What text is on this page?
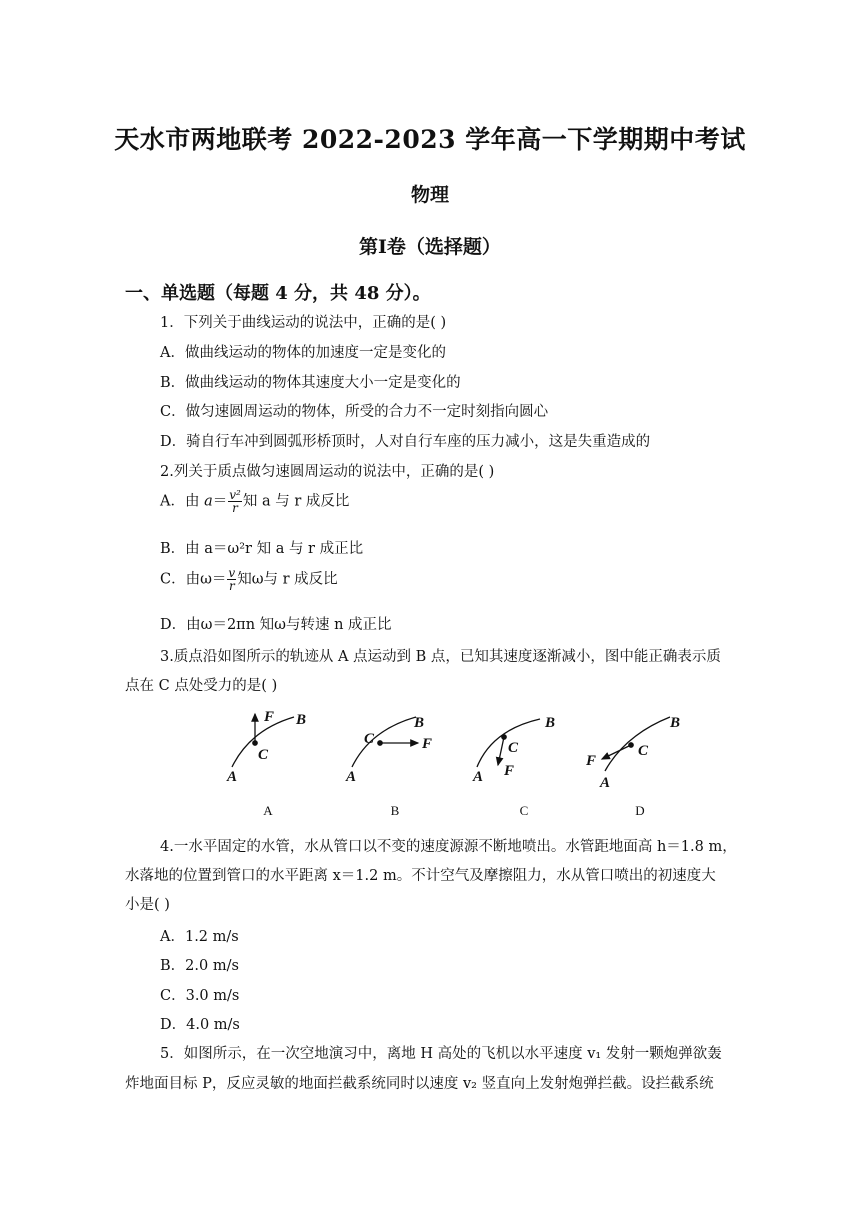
天水市两地联考 2022-2023 学年高一下学期期中考试
物理
第Ⅰ卷（选择题）
一、单选题（每题 4 分，共 48 分）。
1．下列关于曲线运动的说法中，正确的是( )
A．做曲线运动的物体的加速度一定是变化的
B．做曲线运动的物体其速度大小一定是变化的
C．做匀速圆周运动的物体，所受的合力不一定时刻指向圆心
D．骑自行车冲到圆弧形桥顶时，人对自行车座的压力减小，这是失重造成的
2.列关于质点做匀速圆周运动的说法中，正确的是( )
A．由 $a= \frac{\text{v²}}{r}$ 知 a 与 r 成反比
B．由 a＝ω²r 知 a 与 r 成正比
C．由$\omega= \frac{v}{r}$ 知ω与 r 成反比
D．由ω＝2πn 知ω与转速 n 成正比
3.质点沿如图所示的轨迹从 A 点运动到 B 点，已知其速度逐渐减小，图中能正确表示质
点在 C 点处受力的是( )
F B
C
A
C
B
F
A
B
C
F
A
B
C
F
A
A	B	C	D
4.一水平固定的水管，水从管口以不变的速度源源不断地喷出。水管距地面高 h＝1.8 m，
水落地的位置到管口的水平距离 x＝1.2 m。不计空气及摩擦阻力，水从管口喷出的初速度大
小是( )
A．1.2 m/s
B．2.0 m/s
C．3.0 m/s
D．4.0 m/s
5．如图所示，在一次空地演习中，离地 H 高处的飞机以水平速度 v₁ 发射一颗炮弹欲轰
炸地面目标 P，反应灵敏的地面拦截系统同时以速度 v₂ 竖直向上发射炮弹拦截。设拦截系统
